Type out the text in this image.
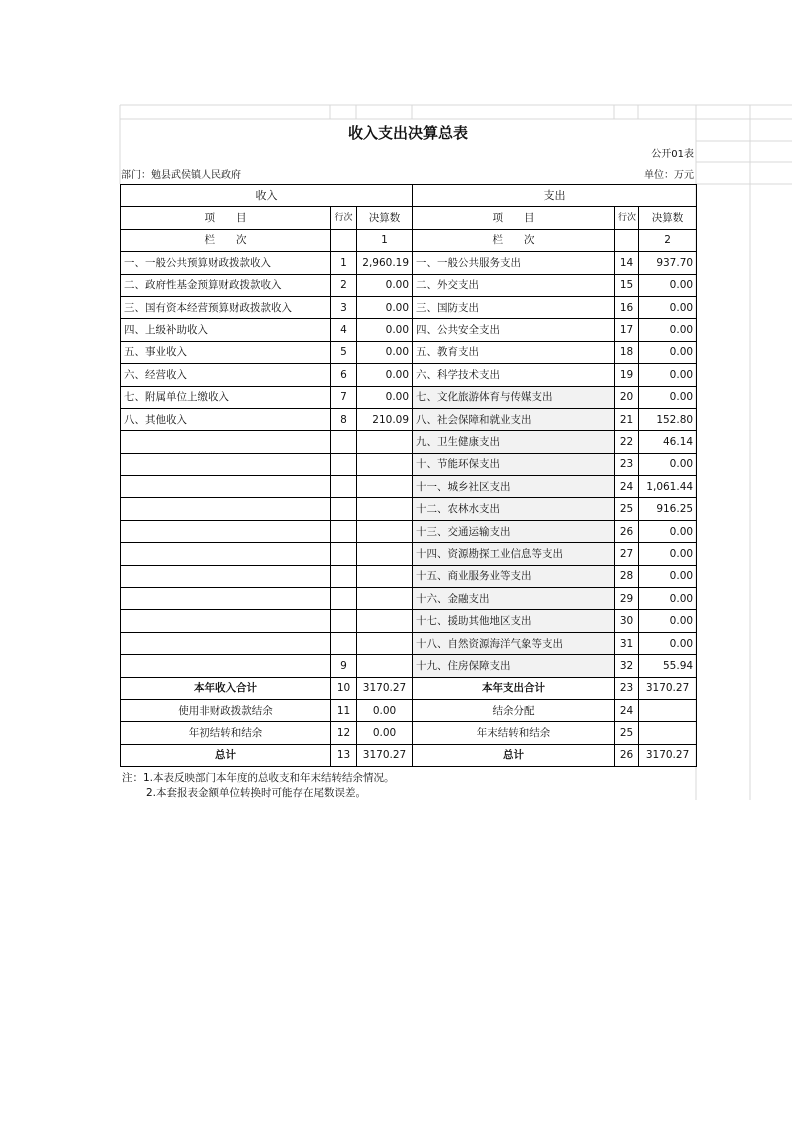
收入支出决算总表
公开01表
部门：勉县武侯镇人民政府	单位：万元
收入			支出		
项　　目	行次	决算数	项　　目	行次	决算数
栏　　次		1	栏　　次		2
一、一般公共预算财政拨款收入	1	2,960.19	一、一般公共服务支出	14	937.70
二、政府性基金预算财政拨款收入	2	0.00	二、外交支出	15	0.00
三、国有资本经营预算财政拨款收入	3	0.00	三、国防支出	16	0.00
四、上级补助收入	4	0.00	四、公共安全支出	17	0.00
五、事业收入	5	0.00	五、教育支出	18	0.00
六、经营收入	6	0.00	六、科学技术支出	19	0.00
七、附属单位上缴收入	7	0.00	七、文化旅游体育与传媒支出	20	0.00
八、其他收入	8	210.09	八、社会保障和就业支出	21	152.80
			九、卫生健康支出	22	46.14
			十、节能环保支出	23	0.00
			十一、城乡社区支出	24	1,061.44
			十二、农林水支出	25	916.25
			十三、交通运输支出	26	0.00
			十四、资源勘探工业信息等支出	27	0.00
			十五、商业服务业等支出	28	0.00
			十六、金融支出	29	0.00
			十七、援助其他地区支出	30	0.00
			十八、自然资源海洋气象等支出	31	0.00
	9		十九、住房保障支出	32	55.94
本年收入合计	10	3170.27	本年支出合计	23	3170.27
使用非财政拨款结余	11	0.00	结余分配	24	
年初结转和结余	12	0.00	年末结转和结余	25	
总计	13	3170.27	总计	26	3170.27
注：1.本表反映部门本年度的总收支和年末结转结余情况。
2.本套报表金额单位转换时可能存在尾数误差。
